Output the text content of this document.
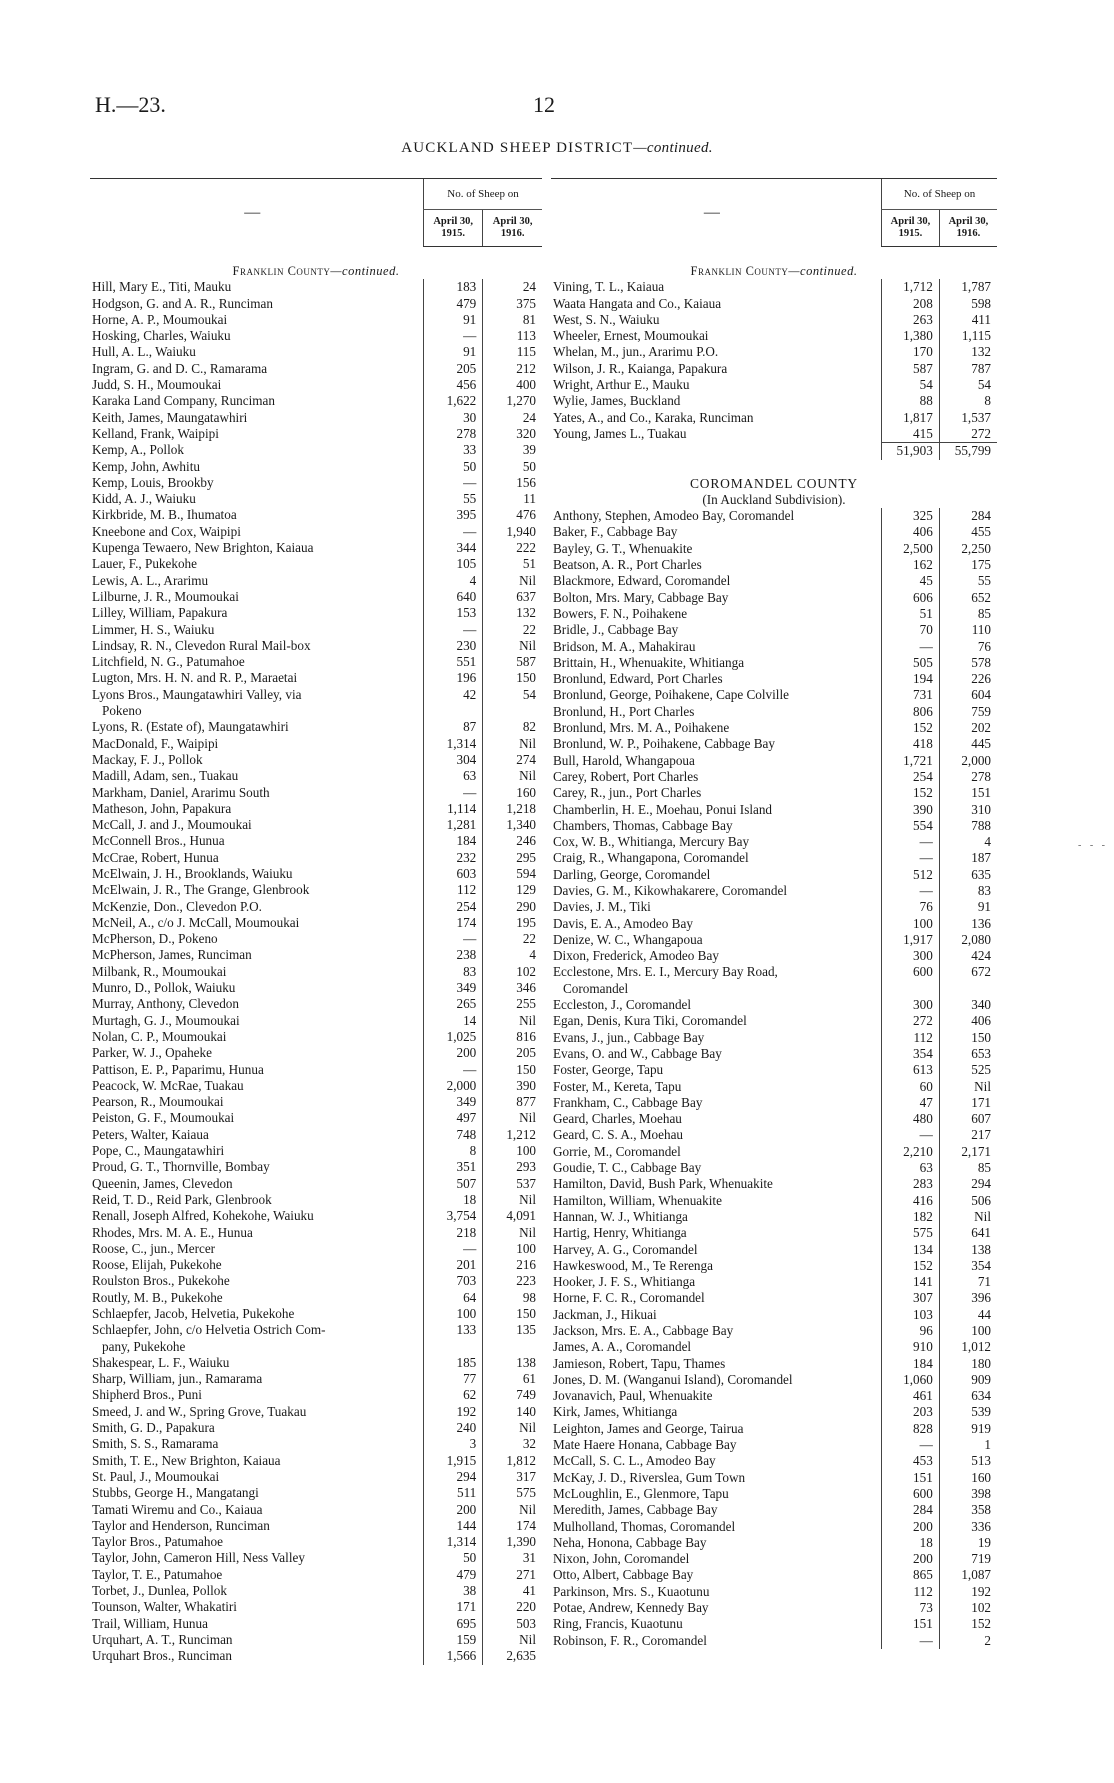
H.—23.	12
AUCKLAND SHEEP DISTRICT—continued.
—		No. of Sheep on	
		April 30, 1915.	April 30, 1916.

Franklin County—continued.			
Hill, Mary E., Titi, Mauku		183	24
Hodgson, G. and A. R., Runciman		479	375
Horne, A. P., Moumoukai		91	81
Hosking, Charles, Waiuku		—	113
Hull, A. L., Waiuku		91	115
Ingram, G. and D. C., Ramarama		205	212
Judd, S. H., Moumoukai		456	400
Karaka Land Company, Runciman		1,622	1,270
Keith, James, Maungatawhiri		30	24
Kelland, Frank, Waipipi		278	320
Kemp, A., Pollok		33	39
Kemp, John, Awhitu		50	50
Kemp, Louis, Brookby		—	156
Kidd, A. J., Waiuku		55	11
Kirkbride, M. B., Ihumatoa		395	476
Kneebone and Cox, Waipipi		—	1,940
Kupenga Tewaero, New Brighton, Kaiaua		344	222
Lauer, F., Pukekohe		105	51
Lewis, A. L., Ararimu		4	Nil
Lilburne, J. R., Moumoukai		640	637
Lilley, William, Papakura		153	132
Limmer, H. S., Waiuku		—	22
Lindsay, R. N., Clevedon Rural Mail-box		230	Nil
Litchfield, N. G., Patumahoe		551	587
Lugton, Mrs. H. N. and R. P., Maraetai		196	150
Lyons Bros., Maungatawhiri Valley, via		42	54
Pokeno			
Lyons, R. (Estate of), Maungatawhiri		87	82
MacDonald, F., Waipipi		1,314	Nil
Mackay, F. J., Pollok		304	274
Madill, Adam, sen., Tuakau		63	Nil
Markham, Daniel, Ararimu South		—	160
Matheson, John, Papakura		1,114	1,218
McCall, J. and J., Moumoukai		1,281	1,340
McConnell Bros., Hunua		184	246
McCrae, Robert, Hunua		232	295
McElwain, J. H., Brooklands, Waiuku		603	594
McElwain, J. R., The Grange, Glenbrook		112	129
McKenzie, Don., Clevedon P.O.		254	290
McNeil, A., c/o J. McCall, Moumoukai		174	195
McPherson, D., Pokeno		—	22
McPherson, James, Runciman		238	4
Milbank, R., Moumoukai		83	102
Munro, D., Pollok, Waiuku		349	346
Murray, Anthony, Clevedon		265	255
Murtagh, G. J., Moumoukai		14	Nil
Nolan, C. P., Moumoukai		1,025	816
Parker, W. J., Opaheke		200	205
Pattison, E. P., Paparimu, Hunua		—	150
Peacock, W. McRae, Tuakau		2,000	390
Pearson, R., Moumoukai		349	877
Peiston, G. F., Moumoukai		497	Nil
Peters, Walter, Kaiaua		748	1,212
Pope, C., Maungatawhiri		8	100
Proud, G. T., Thornville, Bombay		351	293
Queenin, James, Clevedon		507	537
Reid, T. D., Reid Park, Glenbrook		18	Nil
Renall, Joseph Alfred, Kohekohe, Waiuku		3,754	4,091
Rhodes, Mrs. M. A. E., Hunua		218	Nil
Roose, C., jun., Mercer		—	100
Roose, Elijah, Pukekohe		201	216
Roulston Bros., Pukekohe		703	223
Routly, M. B., Pukekohe		64	98
Schlaepfer, Jacob, Helvetia, Pukekohe		100	150
Schlaepfer, John, c/o Helvetia Ostrich Com-		133	135
pany, Pukekohe			
Shakespear, L. F., Waiuku		185	138
Sharp, William, jun., Ramarama		77	61
Shipherd Bros., Puni		62	749
Smeed, J. and W., Spring Grove, Tuakau		192	140
Smith, G. D., Papakura		240	Nil
Smith, S. S., Ramarama		3	32
Smith, T. E., New Brighton, Kaiaua		1,915	1,812
St. Paul, J., Moumoukai		294	317
Stubbs, George H., Mangatangi		511	575
Tamati Wiremu and Co., Kaiaua		200	Nil
Taylor and Henderson, Runciman		144	174
Taylor Bros., Patumahoe		1,314	1,390
Taylor, John, Cameron Hill, Ness Valley		50	31
Taylor, T. E., Patumahoe		479	271
Torbet, J., Dunlea, Pollok		38	41
Tounson, Walter, Whakatiri		171	220
Trail, William, Hunua		695	503
Urquhart, A. T., Runciman		159	Nil
Urquhart Bros., Runciman		1,566	2,635
—		No. of Sheep on	
		April 30, 1915.	April 30, 1916.

Franklin County—continued.			
Vining, T. L., Kaiaua		1,712	1,787
Waata Hangata and Co., Kaiaua		208	598
West, S. N., Waiuku		263	411
Wheeler, Ernest, Moumoukai		1,380	1,115
Whelan, M., jun., Ararimu P.O.		170	132
Wilson, J. R., Kaianga, Papakura		587	787
Wright, Arthur E., Mauku		54	54
Wylie, James, Buckland		88	8
Yates, A., and Co., Karaka, Runciman		1,817	1,537
Young, James L., Tuakau		415	272
		51,903	55,799

COROMANDEL COUNTY			
(In Auckland Subdivision).			
Anthony, Stephen, Amodeo Bay, Coromandel		325	284
Baker, F., Cabbage Bay		406	455
Bayley, G. T., Whenuakite		2,500	2,250
Beatson, A. R., Port Charles		162	175
Blackmore, Edward, Coromandel		45	55
Bolton, Mrs. Mary, Cabbage Bay		606	652
Bowers, F. N., Poihakene		51	85
Bridle, J., Cabbage Bay		70	110
Bridson, M. A., Mahakirau		—	76
Brittain, H., Whenuakite, Whitianga		505	578
Bronlund, Edward, Port Charles		194	226
Bronlund, George, Poihakene, Cape Colville		731	604
Bronlund, H., Port Charles		806	759
Bronlund, Mrs. M. A., Poihakene		152	202
Bronlund, W. P., Poihakene, Cabbage Bay		418	445
Bull, Harold, Whangapoua		1,721	2,000
Carey, Robert, Port Charles		254	278
Carey, R., jun., Port Charles		152	151
Chamberlin, H. E., Moehau, Ponui Island		390	310
Chambers, Thomas, Cabbage Bay		554	788
Cox, W. B., Whitianga, Mercury Bay		—	4
Craig, R., Whangapona, Coromandel		—	187
Darling, George, Coromandel		512	635
Davies, G. M., Kikowhakarere, Coromandel		—	83
Davies, J. M., Tiki		76	91
Davis, E. A., Amodeo Bay		100	136
Denize, W. C., Whangapoua		1,917	2,080
Dixon, Frederick, Amodeo Bay		300	424
Ecclestone, Mrs. E. I., Mercury Bay Road,		600	672
Coromandel			
Eccleston, J., Coromandel		300	340
Egan, Denis, Kura Tiki, Coromandel		272	406
Evans, J., jun., Cabbage Bay		112	150
Evans, O. and W., Cabbage Bay		354	653
Foster, George, Tapu		613	525
Foster, M., Kereta, Tapu		60	Nil
Frankham, C., Cabbage Bay		47	171
Geard, Charles, Moehau		480	607
Geard, C. S. A., Moehau		—	217
Gorrie, M., Coromandel		2,210	2,171
Goudie, T. C., Cabbage Bay		63	85
Hamilton, David, Bush Park, Whenuakite		283	294
Hamilton, William, Whenuakite		416	506
Hannan, W. J., Whitianga		182	Nil
Hartig, Henry, Whitianga		575	641
Harvey, A. G., Coromandel		134	138
Hawkeswood, M., Te Rerenga		152	354
Hooker, J. F. S., Whitianga		141	71
Horne, F. C. R., Coromandel		307	396
Jackman, J., Hikuai		103	44
Jackson, Mrs. E. A., Cabbage Bay		96	100
James, A. A., Coromandel		910	1,012
Jamieson, Robert, Tapu, Thames		184	180
Jones, D. M. (Wanganui Island), Coromandel		1,060	909
Jovanavich, Paul, Whenuakite		461	634
Kirk, James, Whitianga		203	539
Leighton, James and George, Tairua		828	919
Mate Haere Honana, Cabbage Bay		—	1
McCall, S. C. L., Amodeo Bay		453	513
McKay, J. D., Riverslea, Gum Town		151	160
McLoughlin, E., Glenmore, Tapu		600	398
Meredith, James, Cabbage Bay		284	358
Mulholland, Thomas, Coromandel		200	336
Neha, Honona, Cabbage Bay		18	19
Nixon, John, Coromandel		200	719
Otto, Albert, Cabbage Bay		865	1,087
Parkinson, Mrs. S., Kuaotunu		112	192
Potae, Andrew, Kennedy Bay		73	102
Ring, Francis, Kuaotunu		151	152
Robinson, F. R., Coromandel		—	2
‐ ‐ ‐
